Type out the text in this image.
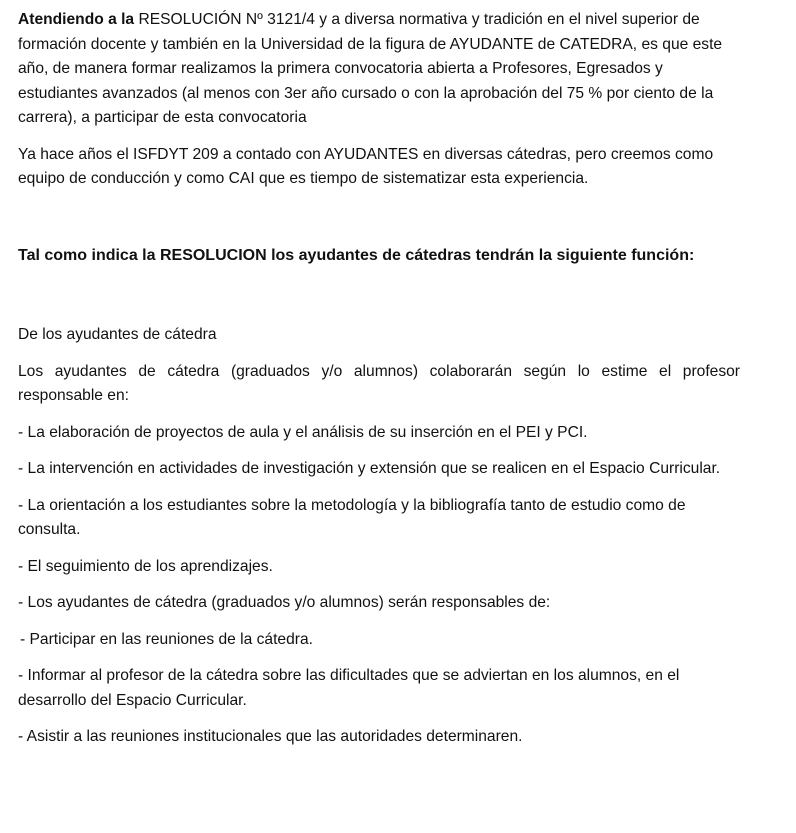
Atendiendo a la RESOLUCIÓN Nº 3121/4 y a diversa normativa y tradición en el nivel superior de formación docente y también en la Universidad de la figura de AYUDANTE de CATEDRA, es que este año, de manera formar realizamos la primera convocatoria abierta a Profesores, Egresados y estudiantes avanzados (al menos con 3er año cursado o con la aprobación del 75 % por ciento de la carrera), a participar de esta convocatoria

Ya hace años el ISFDYT 209 a contado con AYUDANTES en diversas cátedras, pero creemos como equipo de conducción y como CAI que es tiempo de sistematizar esta experiencia.

Tal como indica la RESOLUCION los ayudantes de cátedras tendrán la siguiente función:

De los ayudantes de cátedra

Los ayudantes de cátedra (graduados y/o alumnos) colaborarán según lo estime el profesor responsable en:

- La elaboración de proyectos de aula y el análisis de su inserción en el PEI y PCI.

- La intervención en actividades de investigación y extensión que se realicen en el Espacio Curricular.

- La orientación a los estudiantes sobre la metodología y la bibliografía tanto de estudio como de consulta.

- El seguimiento de los aprendizajes.

- Los ayudantes de cátedra (graduados y/o alumnos) serán responsables de:

- Participar en las reuniones de la cátedra.

- Informar al profesor de la cátedra sobre las dificultades que se adviertan en los alumnos, en el desarrollo del Espacio Curricular.

- Asistir a las reuniones institucionales que las autoridades determinaren.
